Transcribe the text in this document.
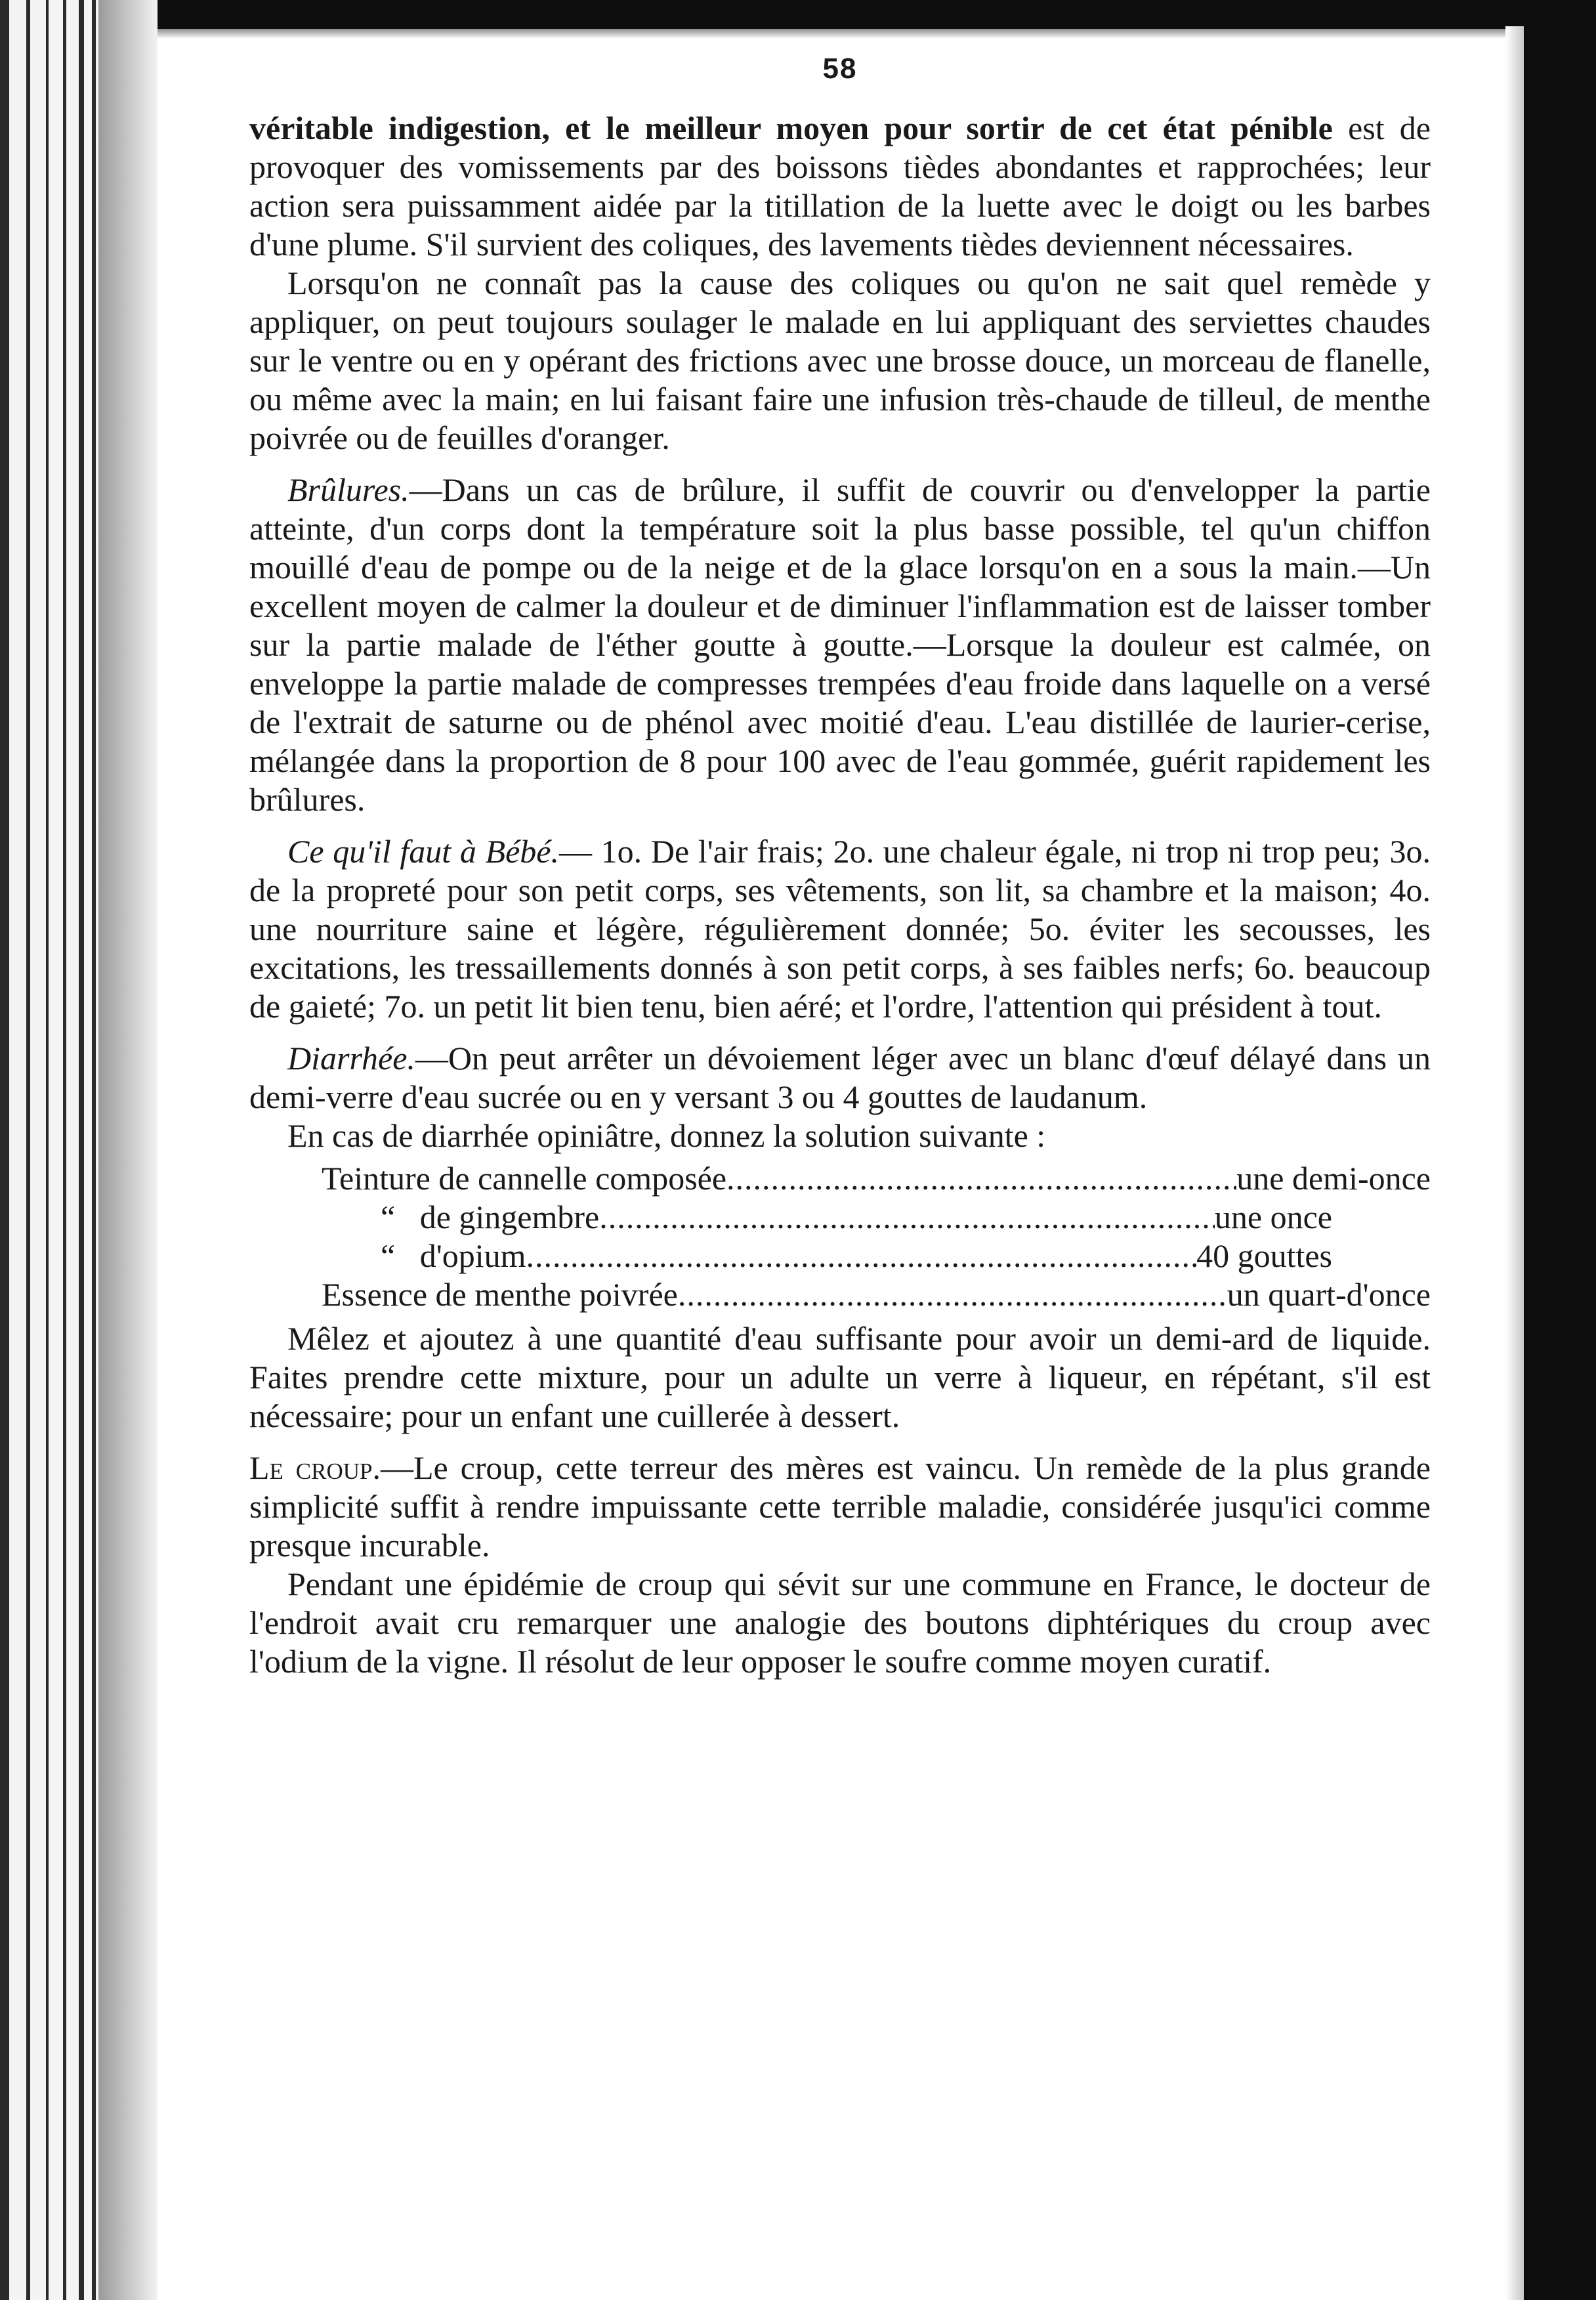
58

véritable indigestion, et le meilleur moyen pour sortir de cet état pénible est de provoquer des vomissements par des boissons tièdes abondantes et rapprochées; leur action sera puissamment aidée par la titillation de la luette avec le doigt ou les barbes d'une plume. S'il survient des coliques, des lavements tièdes deviennent nécessaires.

Lorsqu'on ne connaît pas la cause des coliques ou qu'on ne sait quel remède y appliquer, on peut toujours soulager le malade en lui appliquant des serviettes chaudes sur le ventre ou en y opérant des frictions avec une brosse douce, un morceau de flanelle, ou même avec la main; en lui faisant faire une infusion très-chaude de tilleul, de menthe poivrée ou de feuilles d'oranger.

Brûlures.—Dans un cas de brûlure, il suffit de couvrir ou d'envelopper la partie atteinte, d'un corps dont la température soit la plus basse possible, tel qu'un chiffon mouillé d'eau de pompe ou de la neige et de la glace lorsqu'on en a sous la main.—Un excellent moyen de calmer la douleur et de diminuer l'inflammation est de laisser tomber sur la partie malade de l'éther goutte à goutte.—Lorsque la douleur est calmée, on enveloppe la partie malade de compresses trempées d'eau froide dans laquelle on a versé de l'extrait de saturne ou de phénol avec moitié d'eau. L'eau distillée de laurier-cerise, mélangée dans la proportion de 8 pour 100 avec de l'eau gommée, guérit rapidement les brûlures.

Ce qu'il faut à Bébé.— 1o. De l'air frais; 2o. une chaleur égale, ni trop ni trop peu; 3o. de la propreté pour son petit corps, ses vêtements, son lit, sa chambre et la maison; 4o. une nourriture saine et légère, régulièrement donnée; 5o. éviter les secousses, les excitations, les tressaillements donnés à son petit corps, à ses faibles nerfs; 6o. beaucoup de gaieté; 7o. un petit lit bien tenu, bien aéré; et l'ordre, l'attention qui président à tout.

Diarrhée.—On peut arrêter un dévoiement léger avec un blanc d'œuf délayé dans un demi-verre d'eau sucrée ou en y versant 3 ou 4 gouttes de laudanum.

En cas de diarrhée opiniâtre, donnez la solution suivante :

Teinture de cannelle composée .....	une demi-once
“   de gingembre .....	une once
“   d'opium .....	40 gouttes
Essence de menthe poivrée .....	un quart-d'once

Mêlez et ajoutez à une quantité d'eau suffisante pour avoir un demi-ard de liquide. Faites prendre cette mixture, pour un adulte un verre à liqueur, en répétant, s'il est nécessaire; pour un enfant une cuillerée à dessert.

Le croup.—Le croup, cette terreur des mères est vaincu. Un remède de la plus grande simplicité suffit à rendre impuissante cette terrible maladie, considérée jusqu'ici comme presque incurable.

Pendant une épidémie de croup qui sévit sur une commune en France, le docteur de l'endroit avait cru remarquer une analogie des boutons diphtériques du croup avec l'odium de la vigne. Il résolut de leur opposer le soufre comme moyen curatif.
